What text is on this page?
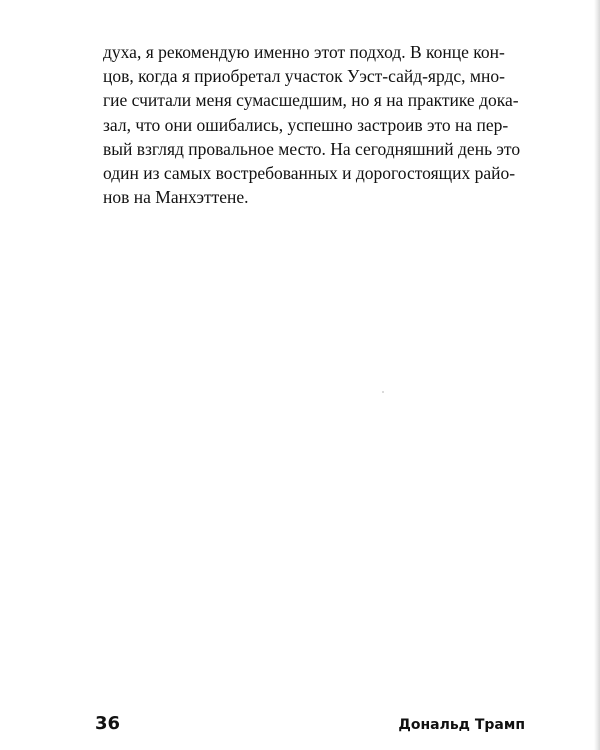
духа, я рекомендую именно этот подход. В конце кон-
цов, когда я приобретал участок Уэст-сайд-ярдс, мно-
гие считали меня сумасшедшим, но я на практике дока-
зал, что они ошибались, успешно застроив это на пер-
вый взгляд провальное место. На сегодняшний день это
один из самых востребованных и дорогостоящих райо-
нов на Манхэттене.
36	Дональд Трамп
